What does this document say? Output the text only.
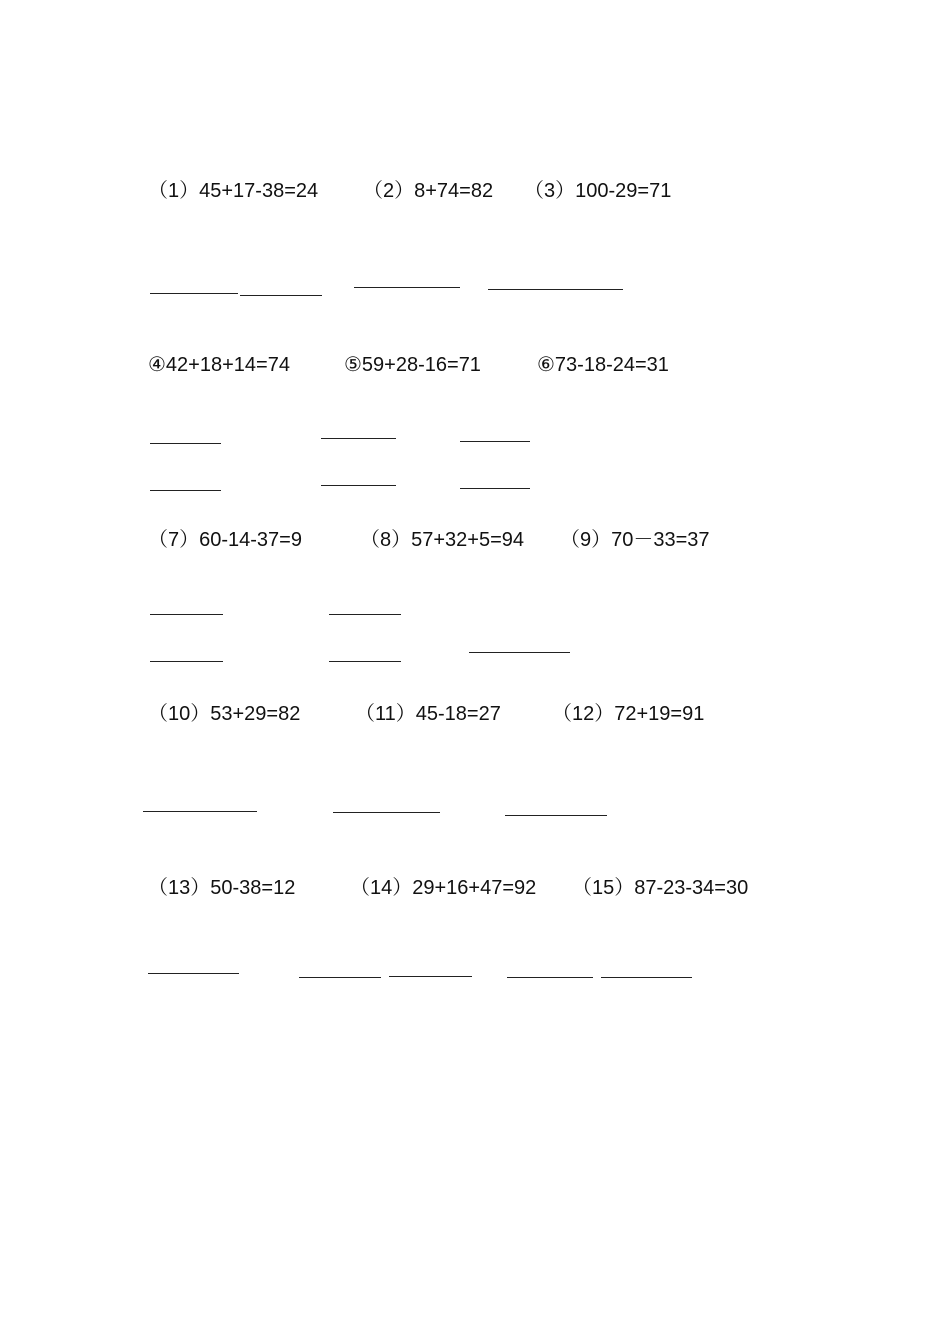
（1）45+17-38=24 （2）8+74=82 （3）100-29=71
④42+18+14=74	⑤59+28-16=71	⑥73-18-24=31
（7）60-14-37=9	（8）57+32+5=94 （9）70－33=37
（10）53+29=82	（11）45-18=27	（12）72+19=91
（13）50-38=12	（14）29+16+47=92 （15）87-23-34=30
